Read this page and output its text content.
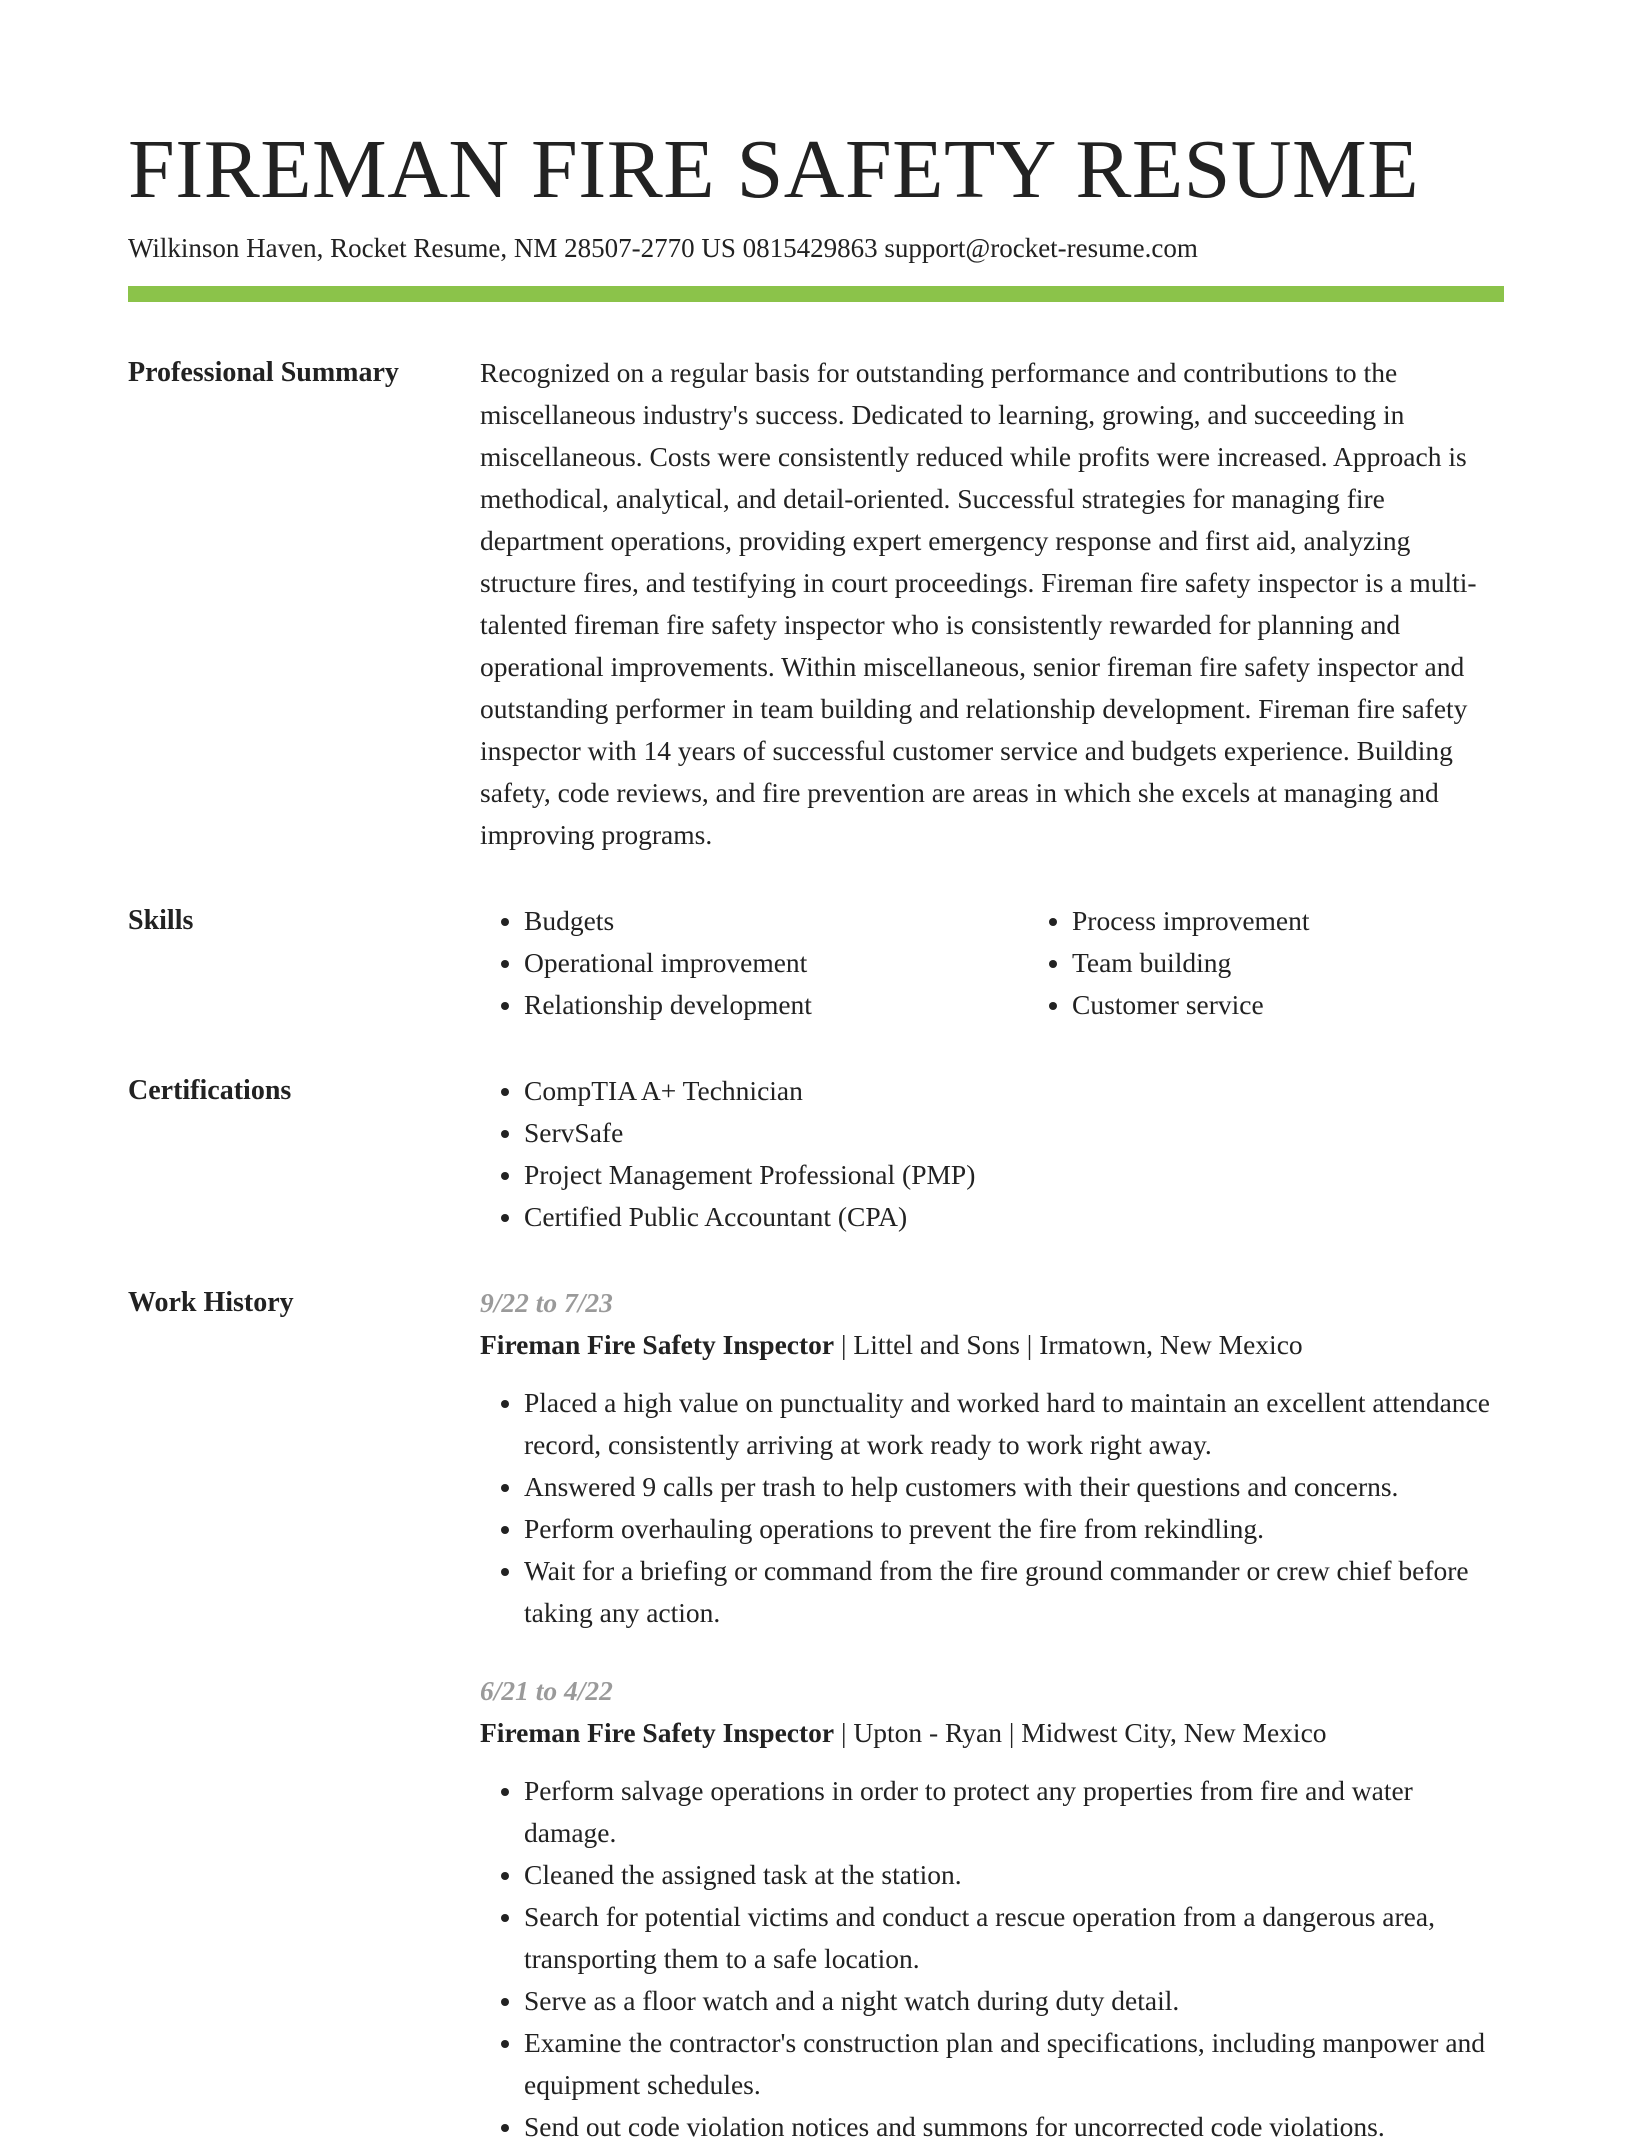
FIREMAN FIRE SAFETY RESUME
Wilkinson Haven, Rocket Resume, NM 28507-2770 US 0815429863 support@rocket-resume.com
Professional Summary	Recognized on a regular basis for outstanding performance and contributions to the miscellaneous industry's success. Dedicated to learning, growing, and succeeding in miscellaneous. Costs were consistently reduced while profits were increased. Approach is methodical, analytical, and detail-oriented. Successful strategies for managing fire department operations, providing expert emergency response and first aid, analyzing structure fires, and testifying in court proceedings. Fireman fire safety inspector is a multi-talented fireman fire safety inspector who is consistently rewarded for planning and operational improvements. Within miscellaneous, senior fireman fire safety inspector and outstanding performer in team building and relationship development. Fireman fire safety inspector with 14 years of successful customer service and budgets experience. Building safety, code reviews, and fire prevention are areas in which she excels at managing and improving programs.

Skills	• Budgets
• Operational improvement
• Relationship development
• Process improvement
• Team building
• Customer service
Certifications	• CompTIA A+ Technician
• ServSafe
• Project Management Professional (PMP)
• Certified Public Accountant (CPA)
Work History	9/22 to 7/23
Fireman Fire Safety Inspector | Littel and Sons | Irmatown, New Mexico
• Placed a high value on punctuality and worked hard to maintain an excellent attendance record, consistently arriving at work ready to work right away.
• Answered 9 calls per trash to help customers with their questions and concerns.
• Perform overhauling operations to prevent the fire from rekindling.
• Wait for a briefing or command from the fire ground commander or crew chief before taking any action.
6/21 to 4/22
Fireman Fire Safety Inspector | Upton - Ryan | Midwest City, New Mexico
• Perform salvage operations in order to protect any properties from fire and water damage.
• Cleaned the assigned task at the station.
• Search for potential victims and conduct a rescue operation from a dangerous area, transporting them to a safe location.
• Serve as a floor watch and a night watch during duty detail.
• Examine the contractor's construction plan and specifications, including manpower and equipment schedules.
• Send out code violation notices and summons for uncorrected code violations.
